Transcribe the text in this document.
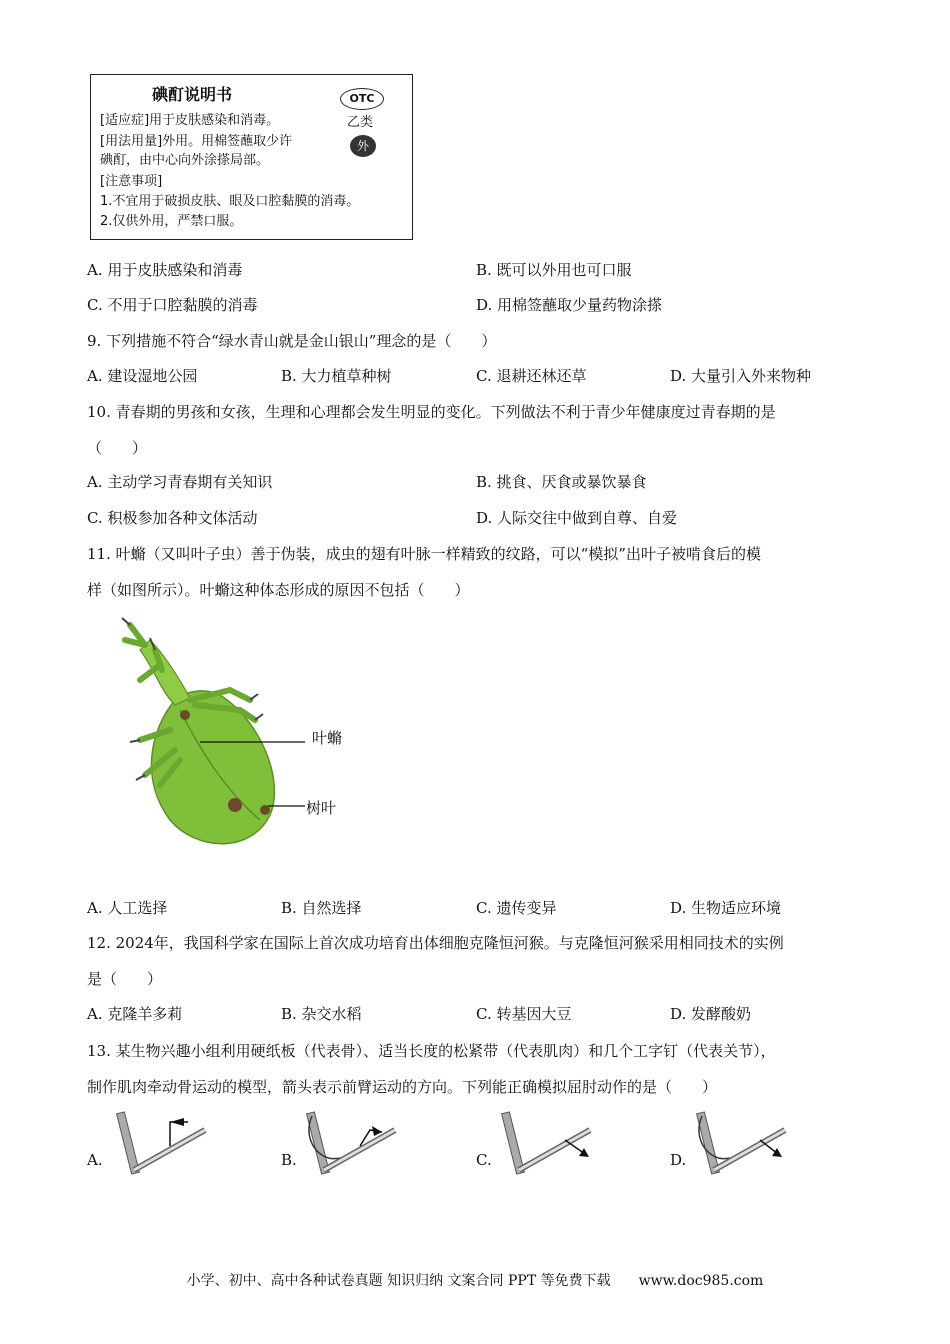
碘酊说明书	OTC
乙类
外
[适应症]用于皮肤感染和消毒。
[用法用量]外用。用棉签蘸取少许
碘酊，由中心向外涂搽局部。
[注意事项]
1.不宜用于破损皮肤、眼及口腔黏膜的消毒。
2.仅供外用，严禁口服。
A. 用于皮肤感染和消毒	B. 既可以外用也可口服
C. 不用于口腔黏膜的消毒	D. 用棉签蘸取少量药物涂搽
9. 下列措施不符合“绿水青山就是金山银山”理念的是（　　）
A. 建设湿地公园	B. 大力植草种树	C. 退耕还林还草	D. 大量引入外来物种
10. 青春期的男孩和女孩，生理和心理都会发生明显的变化。下列做法不利于青少年健康度过青春期的是
（　　）
A. 主动学习青春期有关知识	B. 挑食、厌食或暴饮暴食
C. 积极参加各种文体活动	D. 人际交往中做到自尊、自爱
11. 叶䗛（又叫叶子虫）善于伪装，成虫的翅有叶脉一样精致的纹路，可以“模拟”出叶子被啃食后的模
样（如图所示）。叶䗛这种体态形成的原因不包括（　　）
叶䗛
树叶
A. 人工选择	B. 自然选择	C. 遗传变异	D. 生物适应环境
12. 2024年，我国科学家在国际上首次成功培育出体细胞克隆恒河猴。与克隆恒河猴采用相同技术的实例
是（　　）
A. 克隆羊多莉	B. 杂交水稻	C. 转基因大豆	D. 发酵酸奶
13. 某生物兴趣小组利用硬纸板（代表骨）、适当长度的松紧带（代表肌肉）和几个工字钉（代表关节），
制作肌肉牵动骨运动的模型，箭头表示前臂运动的方向。下列能正确模拟屈肘动作的是（　　）
A.	B.	C.	D.
小学、初中、高中各种试卷真题 知识归纳 文案合同 PPT 等免费下载　　www.doc985.com
